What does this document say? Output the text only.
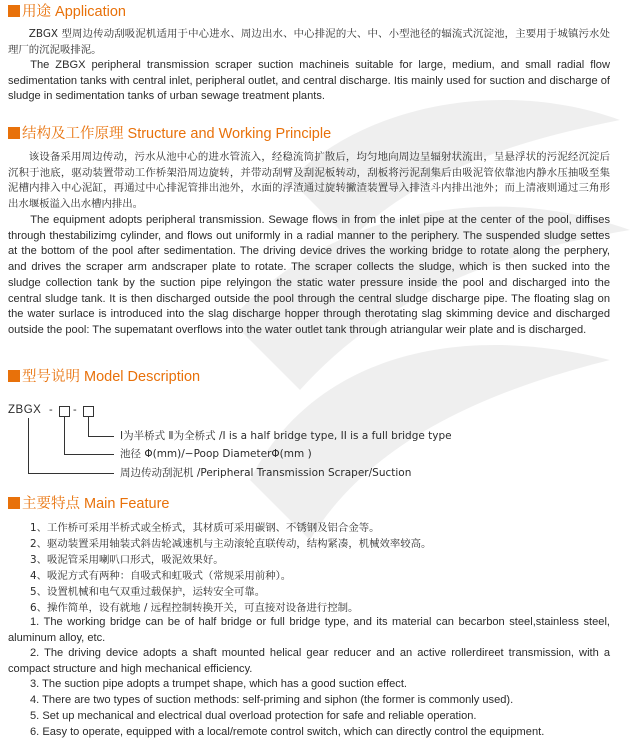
用途 Application

ZBGX 型周边传动刮吸泥机适用于中心进水、周边出水、中心排泥的大、中、小型池径的辐流式沉淀池，主要用于城镇污水处理厂的沉泥吸排泥。

The ZBGX peripheral transmission scraper suction machineis suitable for large, medium, and small radial flow sedimentation tanks with central inlet, peripheral outlet, and central discharge. Itis mainly used for suction and discharge of sludge in sedimentation tanks of urban sewage treatment plants.

结构及工作原理 Structure and Working Principle

该设备采用周边传动，污水从池中心的进水管流入，经稳流筒扩散后，均匀地向周边呈辐射状流出，呈悬浮状的污泥经沉淀后沉积于池底，驱动装置带动工作桥架沿周边旋转，并带动刮臂及刮泥板转动，刮板将污泥刮集后由吸泥管依靠池内静水压抽吸至集泥槽内排入中心泥缸，再通过中心排泥管排出池外，水面的浮渣通过旋转撇渣装置导入排渣斗内排出池外；而上清液则通过三角形出水堰板溢入出水槽内排出。

The equipment adopts peripheral transmission. Sewage flows in from the inlet pipe at the center of the pool, diffises through thestabilizimg cylinder, and flows out uniformly in a radial manner to the periphery. The suspended sludge settes at the bottom of the pool after sedimentation. The driving device drives the working bridge to rotate along the perphery, and drives the scraper arm andscraper plate to rotate. The scraper collects the sludge, which is then sucked into the sludge collection tank by the suction pipe relyingon the static water pressure inside the pool and discharged into the central sludge tank. It is then discharged outside the pool through the central sludge discharge pipe. The floating slag on the water surlace is introduced into the slag discharge hopper through therotating slag skimming device and discharged outside the pool: The supematant overflows into the water outlet tank through atriangular weir plate and is discharged.

型号说明 Model Description
ZBGX - -
Ⅰ为半桥式 Ⅱ为全桥式 /I is a half bridge type, II is a full bridge type
池径 Φ(mm)/−Poop DiameterΦ(mm )
周边传动刮泥机 /Peripheral Transmission Scraper/Suction
主要特点 Main Feature
1、工作桥可采用半桥式或全桥式，其材质可采用碳钢、不锈钢及铝合金等。
2、驱动装置采用轴装式斜齿轮减速机与主动滚轮直联传动，结构紧凑，机械效率较高。
3、吸泥管采用喇叭口形式，吸泥效果好。
4、吸泥方式有两种：自吸式和虹吸式（常规采用前种）。
5、设置机械和电气双重过载保护，运转安全可靠。
6、操作简单，设有就地 / 远程控制转换开关，可直接对设备进行控制。

1. The working bridge can be of half bridge or full bridge type, and its material can becarbon steel,stainless steel, aluminum alloy, etc.

2. The driving device adopts a shaft mounted helical gear reducer and an active rollerdireet transmission, with a compact structure and high mechanical efficiency.

3. The suction pipe adopts a trumpet shape, which has a good suction effect.

4. There are two types of suction methods: self-priming and siphon (the former is commonly used).

5. Set up mechanical and electrical dual overload protection for safe and reliable operation.

6. Easy to operate, equipped with a local/remote control switch, which can directly control the equipment.
